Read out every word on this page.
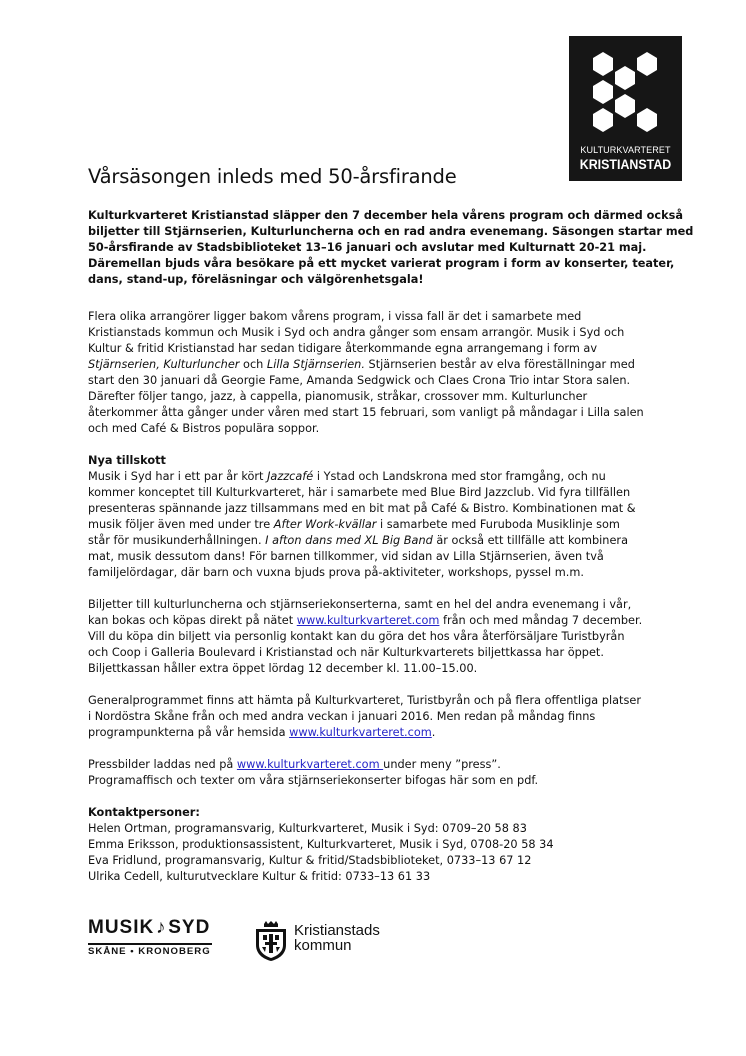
KULTURKVARTERET
KRISTIANSTAD
Vårsäsongen inleds med 50-årsfirande
Kulturkvarteret Kristianstad släpper den 7 december hela vårens program och därmed också
biljetter till Stjärnserien, Kulturluncherna och en rad andra evenemang. Säsongen startar med
50-årsfirande av Stadsbiblioteket 13–16 januari och avslutar med Kulturnatt 20-21 maj.
Däremellan bjuds våra besökare på ett mycket varierat program i form av konserter, teater,
dans, stand-up, föreläsningar och välgörenhetsgala!
Flera olika arrangörer ligger bakom vårens program, i vissa fall är det i samarbete med
Kristianstads kommun och Musik i Syd och andra gånger som ensam arrangör. Musik i Syd och
Kultur & fritid Kristianstad har sedan tidigare återkommande egna arrangemang i form av
Stjärnserien, Kulturluncher och Lilla Stjärnserien. Stjärnserien består av elva föreställningar med
start den 30 januari då Georgie Fame, Amanda Sedgwick och Claes Crona Trio intar Stora salen.
Därefter följer tango, jazz, à cappella, pianomusik, stråkar, crossover mm. Kulturluncher
återkommer åtta gånger under våren med start 15 februari, som vanligt på måndagar i Lilla salen
och med Café & Bistros populära soppor.
Nya tillskott
Musik i Syd har i ett par år kört Jazzcafé i Ystad och Landskrona med stor framgång, och nu
kommer konceptet till Kulturkvarteret, här i samarbete med Blue Bird Jazzclub. Vid fyra tillfällen
presenteras spännande jazz tillsammans med en bit mat på Café & Bistro. Kombinationen mat &
musik följer även med under tre After Work-kvällar i samarbete med Furuboda Musiklinje som
står för musikunderhållningen. I afton dans med XL Big Band är också ett tillfälle att kombinera
mat, musik dessutom dans! För barnen tillkommer, vid sidan av Lilla Stjärnserien, även två
familjelördagar, där barn och vuxna bjuds prova på-aktiviteter, workshops, pyssel m.m.
Biljetter till kulturluncherna och stjärnseriekonserterna, samt en hel del andra evenemang i vår,
kan bokas och köpas direkt på nätet www.kulturkvarteret.com från och med måndag 7 december.
Vill du köpa din biljett via personlig kontakt kan du göra det hos våra återförsäljare Turistbyrån
och Coop i Galleria Boulevard i Kristianstad och när Kulturkvarterets biljettkassa har öppet.
Biljettkassan håller extra öppet lördag 12 december kl. 11.00–15.00.
Generalprogrammet finns att hämta på Kulturkvarteret, Turistbyrån och på flera offentliga platser
i Nordöstra Skåne från och med andra veckan i januari 2016. Men redan på måndag finns
programpunkterna på vår hemsida www.kulturkvarteret.com.
Pressbilder laddas ned på www.kulturkvarteret.com under meny ”press”.
Programaffisch och texter om våra stjärnseriekonserter bifogas här som en pdf.
Kontaktpersoner:
Helen Ortman, programansvarig, Kulturkvarteret, Musik i Syd: 0709–20 58 83
Emma Eriksson, produktionsassistent, Kulturkvarteret, Musik i Syd, 0708-20 58 34
Eva Fridlund, programansvarig, Kultur & fritid/Stadsbiblioteket, 0733–13 67 12
Ulrika Cedell, kulturutvecklare Kultur & fritid: 0733–13 61 33
MUSIK♪SYD
SKÅNE • KRONOBERG
Kristianstads
kommun
